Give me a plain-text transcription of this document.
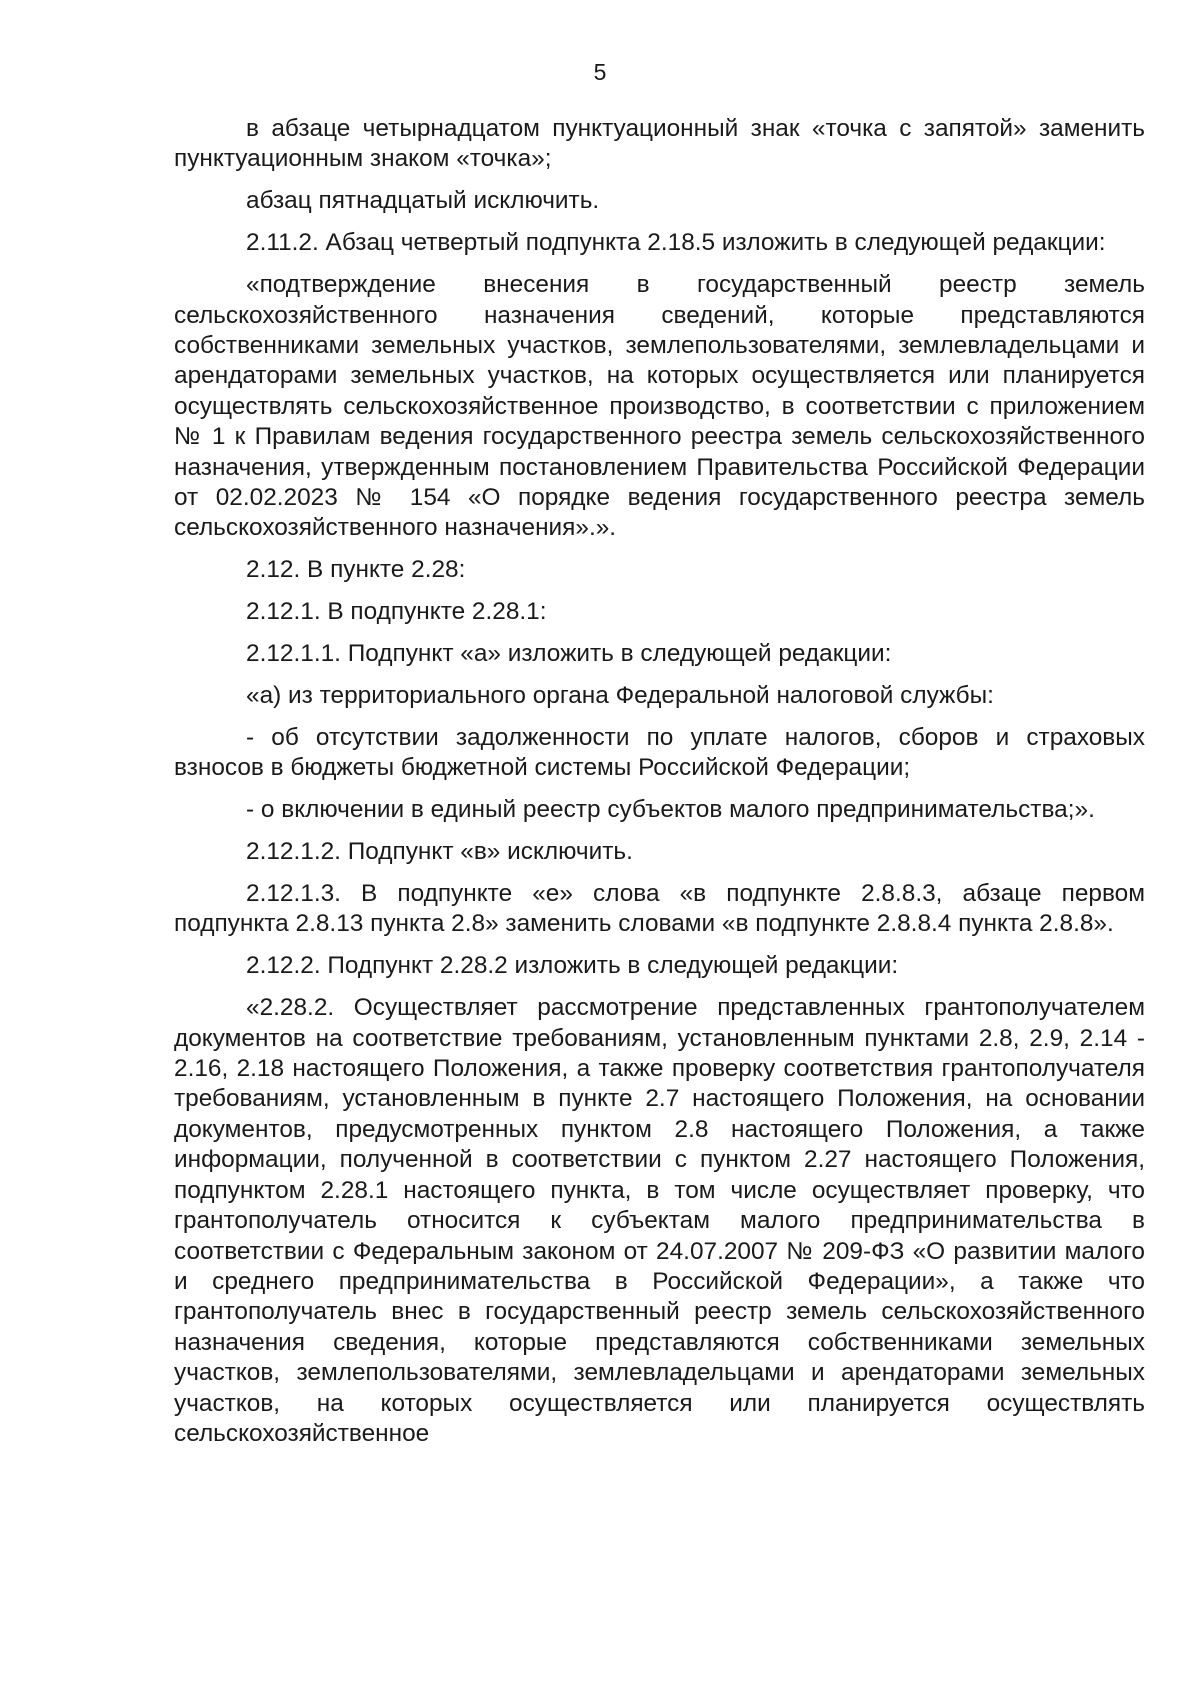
5

в абзаце четырнадцатом пунктуационный знак «точка с запятой» заменить пунктуационным знаком «точка»;

абзац пятнадцатый исключить.

2.11.2. Абзац четвертый подпункта 2.18.5 изложить в следующей редакции:

«подтверждение внесения в государственный реестр земель сельскохозяйственного назначения сведений, которые представляются собственниками земельных участков, землепользователями, землевладельцами и арендаторами земельных участков, на которых осуществляется или планируется осуществлять сельскохозяйственное производство, в соответствии с приложением № 1 к Правилам ведения государственного реестра земель сельскохозяйственного назначения, утвержденным постановлением Правительства Российской Федерации от 02.02.2023 № 154 «О порядке ведения государственного реестра земель сельскохозяйственного назначения».».

2.12. В пункте 2.28:

2.12.1. В подпункте 2.28.1:

2.12.1.1. Подпункт «а» изложить в следующей редакции:

«а) из территориального органа Федеральной налоговой службы:

- об отсутствии задолженности по уплате налогов, сборов и страховых взносов в бюджеты бюджетной системы Российской Федерации;

- о включении в единый реестр субъектов малого предпринимательства;».

2.12.1.2. Подпункт «в» исключить.

2.12.1.3. В подпункте «е» слова «в подпункте 2.8.8.3, абзаце первом подпункта 2.8.13 пункта 2.8» заменить словами «в подпункте 2.8.8.4 пункта 2.8.8».

2.12.2. Подпункт 2.28.2 изложить в следующей редакции:

«2.28.2. Осуществляет рассмотрение представленных грантополучателем документов на соответствие требованиям, установленным пунктами 2.8, 2.9, 2.14 - 2.16, 2.18 настоящего Положения, а также проверку соответствия грантополучателя требованиям, установленным в пункте 2.7 настоящего Положения, на основании документов, предусмотренных пунктом 2.8 настоящего Положения, а также информации, полученной в соответствии с пунктом 2.27 настоящего Положения, подпунктом 2.28.1 настоящего пункта, в том числе осуществляет проверку, что грантополучатель относится к субъектам малого предпринимательства в соответствии с Федеральным законом от 24.07.2007 № 209-ФЗ «О развитии малого и среднего предпринимательства в Российской Федерации», а также что грантополучатель внес в государственный реестр земель сельскохозяйственного назначения сведения, которые представляются собственниками земельных участков, землепользователями, землевладельцами и арендаторами земельных участков, на которых осуществляется или планируется осуществлять сельскохозяйственное
